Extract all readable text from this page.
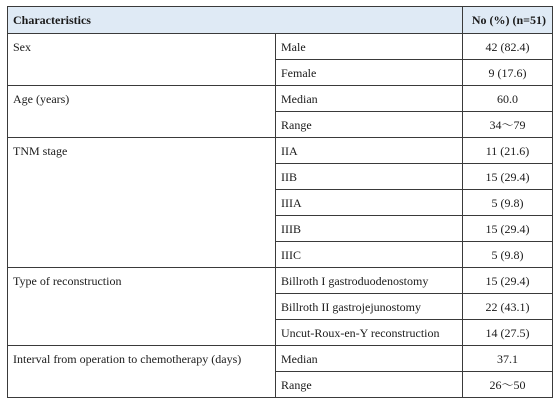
Characteristics		No (%) (n=51)
Sex	Male	42 (82.4)
	Female	9 (17.6)
Age (years)	Median	60.0
	Range	34～79
TNM stage	IIA	11 (21.6)
	IIB	15 (29.4)
	IIIA	5 (9.8)
	IIIB	15 (29.4)
	IIIC	5 (9.8)
Type of reconstruction	Billroth I gastroduodenostomy	15 (29.4)
	Billroth II gastrojejunostomy	22 (43.1)
	Uncut-Roux-en-Y reconstruction	14 (27.5)
Interval from operation to chemotherapy (days)	Median	37.1
	Range	26～50
